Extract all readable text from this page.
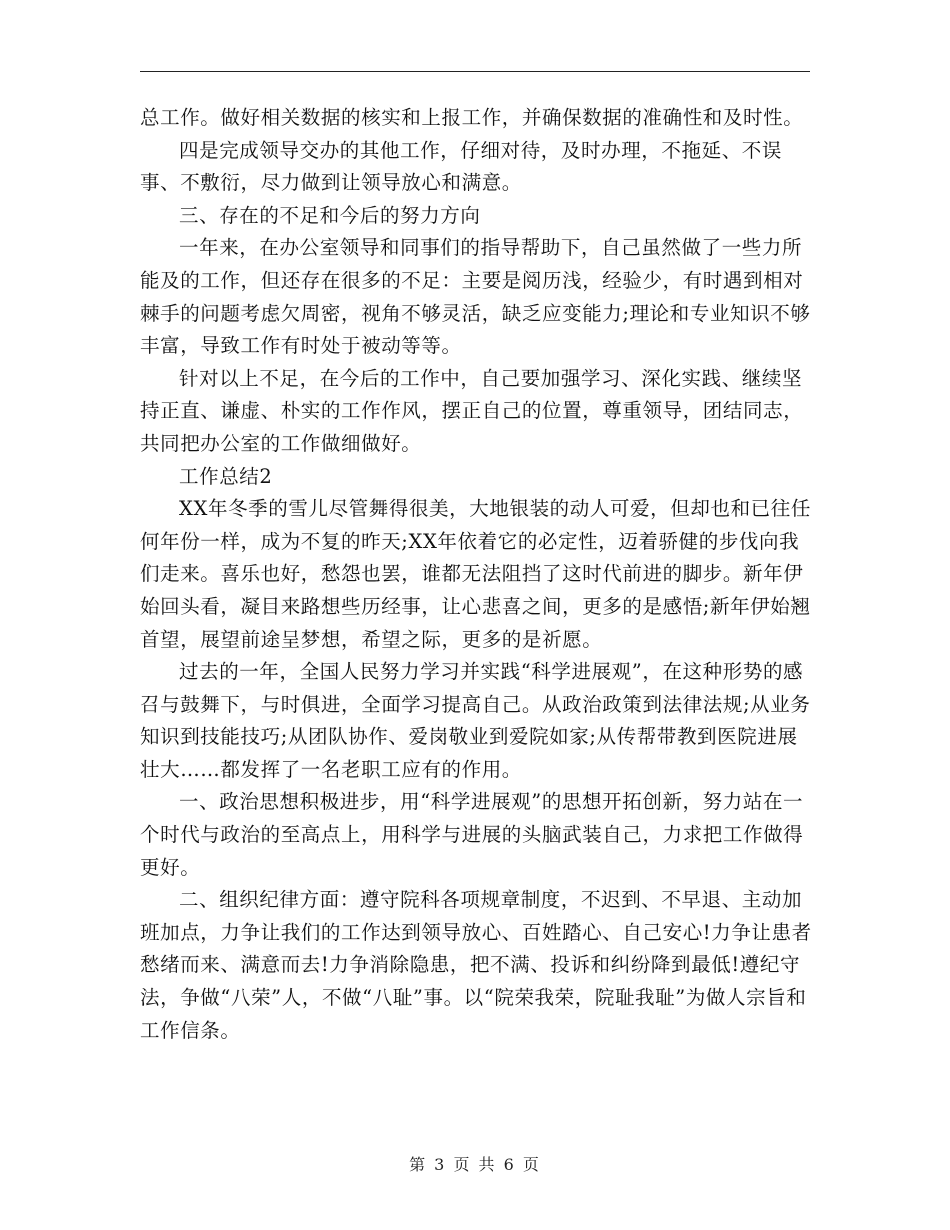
总工作。做好相关数据的核实和上报工作，并确保数据的准确性和及时性。

四是完成领导交办的其他工作，仔细对待，及时办理，不拖延、不误事、不敷衍，尽力做到让领导放心和满意。

三、存在的不足和今后的努力方向

一年来，在办公室领导和同事们的指导帮助下，自己虽然做了一些力所能及的工作，但还存在很多的不足：主要是阅历浅，经验少，有时遇到相对棘手的问题考虑欠周密，视角不够灵活，缺乏应变能力;理论和专业知识不够丰富，导致工作有时处于被动等等。

针对以上不足，在今后的工作中，自己要加强学习、深化实践、继续坚持正直、谦虚、朴实的工作作风，摆正自己的位置，尊重领导，团结同志，共同把办公室的工作做细做好。

工作总结2

XX年冬季的雪儿尽管舞得很美，大地银装的动人可爱，但却也和已往任何年份一样，成为不复的昨天;XX年依着它的必定性，迈着骄健的步伐向我们走来。喜乐也好，愁怨也罢，谁都无法阻挡了这时代前进的脚步。新年伊始回头看，凝目来路想些历经事，让心悲喜之间，更多的是感悟;新年伊始翘首望，展望前途呈梦想，希望之际，更多的是祈愿。

过去的一年，全国人民努力学习并实践“科学进展观”，在这种形势的感召与鼓舞下，与时俱进，全面学习提高自己。从政治政策到法律法规;从业务知识到技能技巧;从团队协作、爱岗敬业到爱院如家;从传帮带教到医院进展壮大……都发挥了一名老职工应有的作用。

一、政治思想积极进步，用“科学进展观”的思想开拓创新，努力站在一个时代与政治的至高点上，用科学与进展的头脑武装自己，力求把工作做得更好。

二、组织纪律方面：遵守院科各项规章制度，不迟到、不早退、主动加班加点，力争让我们的工作达到领导放心、百姓踏心、自己安心!力争让患者愁绪而来、满意而去!力争消除隐患，把不满、投诉和纠纷降到最低!遵纪守法，争做“八荣”人，不做“八耻”事。以“院荣我荣，院耻我耻”为做人宗旨和工作信条。

第 3 页 共 6 页
